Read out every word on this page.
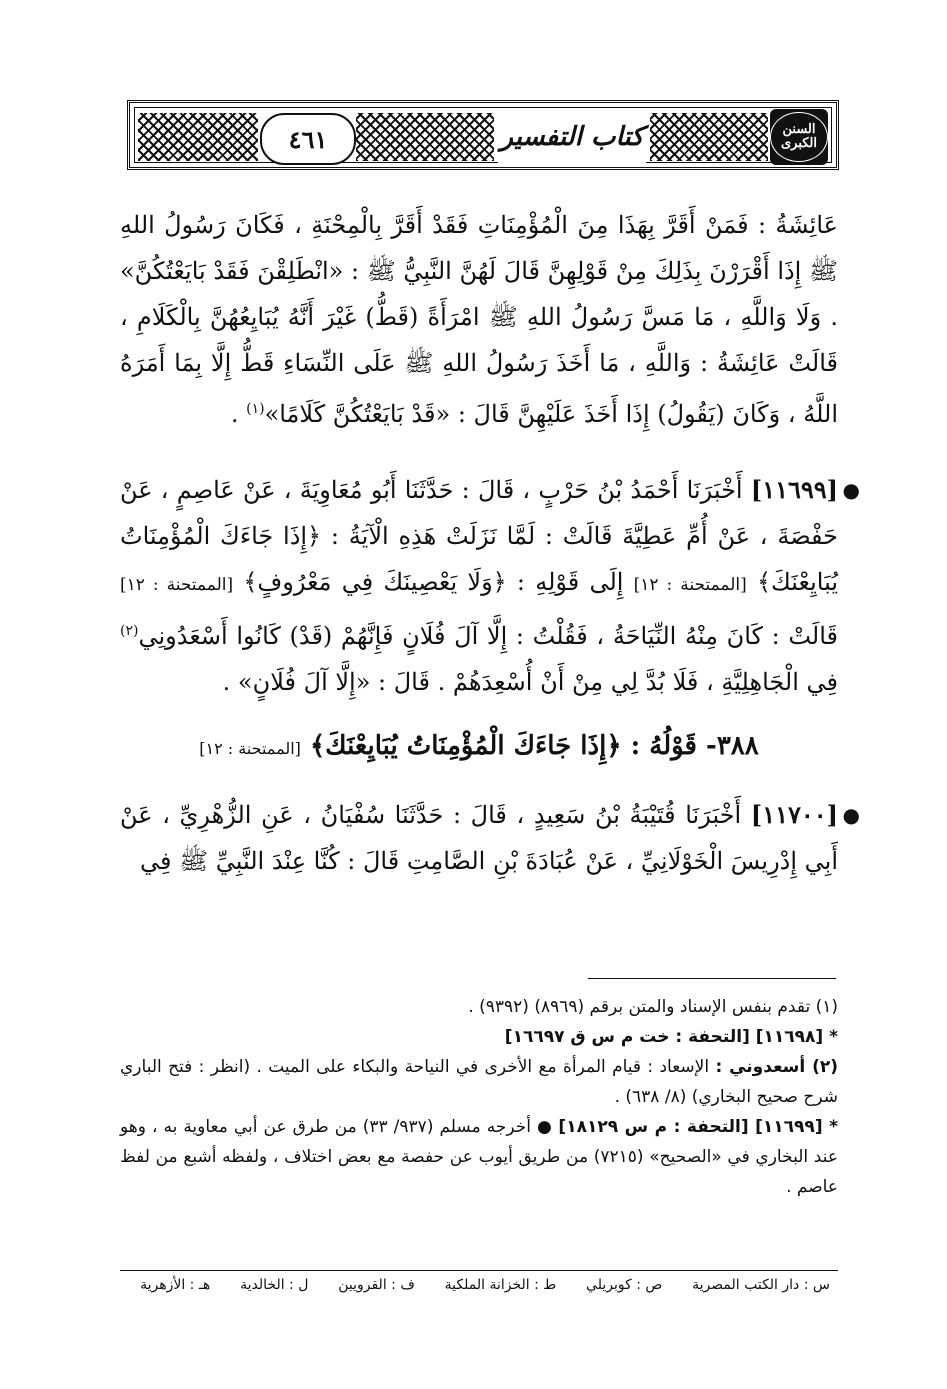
٤٦١	كتاب التفسير	السنن الكبرى

عَائِشَةُ : فَمَنْ أَقَرَّ بِهَذَا مِنَ الْمُؤْمِنَاتِ فَقَدْ أَقَرَّ بِالْمِحْنَةِ ، فَكَانَ رَسُولُ اللهِ ﷺ إِذَا أَقْرَرْنَ بِذَلِكَ مِنْ قَوْلِهِنَّ قَالَ لَهُنَّ النَّبِيُّ ﷺ : «انْطَلِقْنَ فَقَدْ بَايَعْتُكُنَّ» . وَلَا وَاللَّهِ ، مَا مَسَّ رَسُولُ اللهِ ﷺ امْرَأَةً (قَطُّ) غَيْرَ أَنَّهُ يُبَايِعُهُنَّ بِالْكَلَامِ ، قَالَتْ عَائِشَةُ : وَاللَّهِ ، مَا أَخَذَ رَسُولُ اللهِ ﷺ عَلَى النِّسَاءِ قَطُّ إِلَّا بِمَا أَمَرَهُ اللَّهُ ، وَكَانَ (يَقُولُ) إِذَا أَخَذَ عَلَيْهِنَّ قَالَ : «قَدْ بَايَعْتُكُنَّ كَلَامًا»$^{(١)}$ .

●
[١١٦٩٩] أَخْبَرَنَا أَحْمَدُ بْنُ حَرْبٍ ، قَالَ : حَدَّثَنَا أَبُو مُعَاوِيَةَ ، عَنْ عَاصِمٍ ، عَنْ حَفْصَةَ ، عَنْ أُمِّ عَطِيَّةَ قَالَتْ : لَمَّا نَزَلَتْ هَذِهِ الْآيَةُ : ﴿إِذَا جَاءَكَ الْمُؤْمِنَاتُ يُبَايِعْنَكَ﴾ [الممتحنة : ١٢] إِلَى قَوْلِهِ : ﴿وَلَا يَعْصِينَكَ فِي مَعْرُوفٍ﴾ [الممتحنة : ١٢] قَالَتْ : كَانَ مِنْهُ النِّيَاحَةُ ، فَقُلْتُ : إِلَّا آلَ فُلَانٍ فَإِنَّهُمْ (قَدْ) كَانُوا أَسْعَدُونِي$^{(٢)}$ فِي الْجَاهِلِيَّةِ ، فَلَا بُدَّ لِي مِنْ أَنْ أُسْعِدَهُمْ . قَالَ : «إِلَّا آلَ فُلَانٍ» .

٣٨٨- قَوْلُهُ : ﴿إِذَا جَاءَكَ الْمُؤْمِنَاتُ يُبَايِعْنَكَ﴾ [الممتحنة : ١٢]

●
[١١٧٠٠] أَخْبَرَنَا قُتَيْبَةُ بْنُ سَعِيدٍ ، قَالَ : حَدَّثَنَا سُفْيَانُ ، عَنِ الزُّهْرِيِّ ، عَنْ أَبِي إِدْرِيسَ الْخَوْلَانِيِّ ، عَنْ عُبَادَةَ بْنِ الصَّامِتِ قَالَ : كُنَّا عِنْدَ النَّبِيِّ ﷺ فِي

(١) تقدم بنفس الإسناد والمتن برقم (٨٩٦٩) (٩٣٩٢) .
* [١١٦٩٨] [التحفة : خت م س ق ١٦٦٩٧]
(٢) أسعدوني : الإسعاد : قيام المرأة مع الأخرى في النياحة والبكاء على الميت . (انظر : فتح الباري شرح صحيح البخاري) (٨/ ٦٣٨) .
* [١١٦٩٩] [التحفة : م س ١٨١٢٩] ● أخرجه مسلم (٩٣٧/ ٣٣) من طرق عن أبي معاوية به ، وهو عند البخاري في «الصحيح» (٧٢١٥) من طريق أيوب عن حفصة مع بعض اختلاف ، ولفظه أشبع من لفظ عاصم .
س : دار الكتب المصرية
ص : كوبريلي
ط : الخزانة الملكية
ف : القرويين
ل : الخالدية
هـ : الأزهرية
